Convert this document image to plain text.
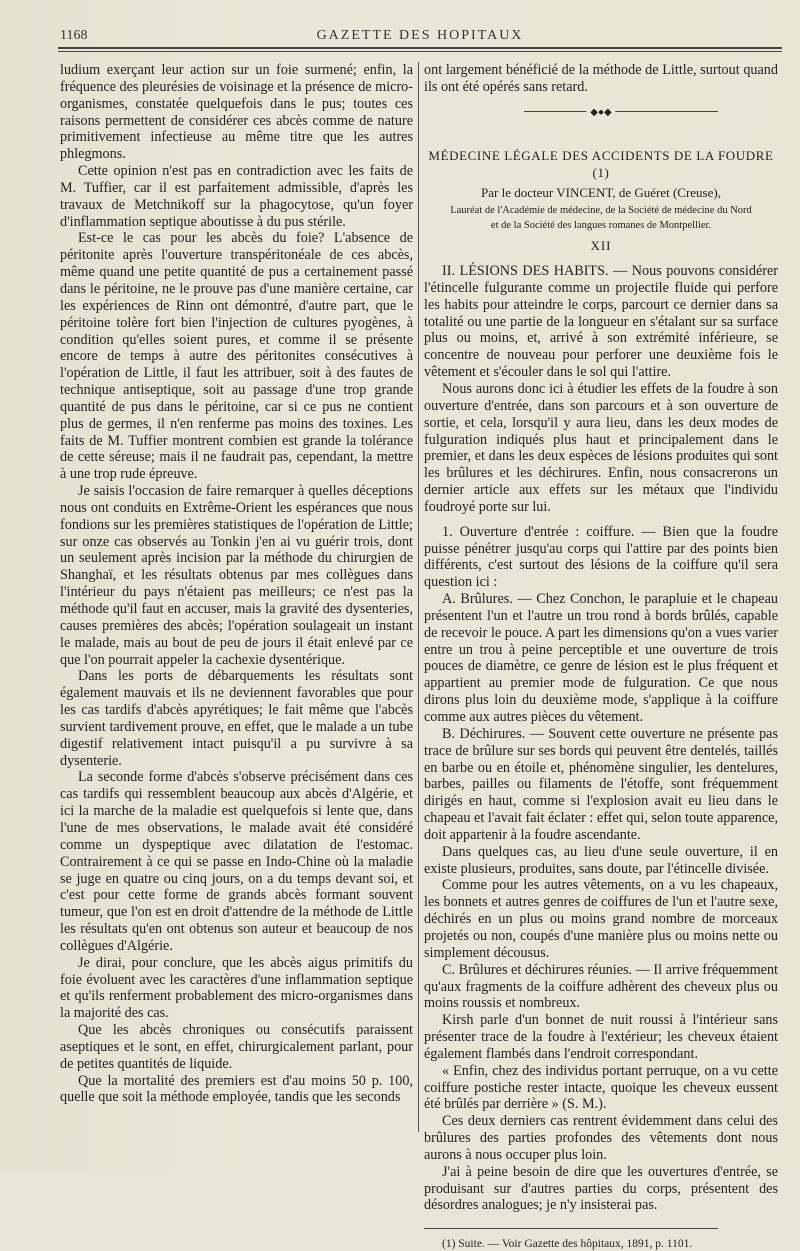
1168	GAZETTE DES HOPITAUX

ludium exerçant leur action sur un foie surmené; enfin, la fréquence des pleurésies de voisinage et la présence de micro-organismes, constatée quelquefois dans le pus; toutes ces raisons permettent de considérer ces abcès comme de nature primitivement infectieuse au même titre que les autres phlegmons.

Cette opinion n'est pas en contradiction avec les faits de M. Tuffier, car il est parfaitement admissible, d'après les travaux de Metchnikoff sur la phagocytose, qu'un foyer d'inflammation septique aboutisse à du pus stérile.

Est-ce le cas pour les abcès du foie? L'absence de péritonite après l'ouverture transpéritonéale de ces abcès, même quand une petite quantité de pus a certainement passé dans le péritoine, ne le prouve pas d'une manière certaine, car les expériences de Rinn ont démontré, d'autre part, que le péritoine tolère fort bien l'injection de cultures pyogènes, à condition qu'elles soient pures, et comme il se présente encore de temps à autre des péritonites consécutives à l'opération de Little, il faut les attribuer, soit à des fautes de technique antiseptique, soit au passage d'une trop grande quantité de pus dans le péritoine, car si ce pus ne contient plus de germes, il n'en renferme pas moins des toxines. Les faits de M. Tuffier montrent combien est grande la tolérance de cette séreuse; mais il ne faudrait pas, cependant, la mettre à une trop rude épreuve.

Je saisis l'occasion de faire remarquer à quelles déceptions nous ont conduits en Extrême-Orient les espérances que nous fondions sur les premières statistiques de l'opération de Little; sur onze cas observés au Tonkin j'en ai vu guérir trois, dont un seulement après incision par la méthode du chirurgien de Shanghaï, et les résultats obtenus par mes collègues dans l'intérieur du pays n'étaient pas meilleurs; ce n'est pas la méthode qu'il faut en accuser, mais la gravité des dysenteries, causes premières des abcès; l'opération soulageait un instant le malade, mais au bout de peu de jours il était enlevé par ce que l'on pourrait appeler la cachexie dysentérique.

Dans les ports de débarquements les résultats sont également mauvais et ils ne deviennent favorables que pour les cas tardifs d'abcès apyrétiques; le fait même que l'abcès survient tardivement prouve, en effet, que le malade a un tube digestif relativement intact puisqu'il a pu survivre à sa dysenterie.

La seconde forme d'abcès s'observe précisément dans ces cas tardifs qui ressemblent beaucoup aux abcès d'Algérie, et ici la marche de la maladie est quelquefois si lente que, dans l'une de mes observations, le malade avait été considéré comme un dyspeptique avec dilatation de l'estomac. Contrairement à ce qui se passe en Indo-Chine où la maladie se juge en quatre ou cinq jours, on a du temps devant soi, et c'est pour cette forme de grands abcès formant souvent tumeur, que l'on est en droit d'attendre de la méthode de Little les résultats qu'en ont obtenus son auteur et beaucoup de nos collègues d'Algérie.

Je dirai, pour conclure, que les abcès aigus primitifs du foie évoluent avec les caractères d'une inflammation septique et qu'ils renferment probablement des micro-organismes dans la majorité des cas.

Que les abcès chroniques ou consécutifs paraissent aseptiques et le sont, en effet, chirurgicalement parlant, pour de petites quantités de liquide.

Que la mortalité des premiers est d'au moins 50 p. 100, quelle que soit la méthode employée, tandis que les seconds

ont largement bénéficié de la méthode de Little, surtout quand ils ont été opérés sans retard.

◆●◆
MÉDECINE LÉGALE DES ACCIDENTS DE LA FOUDRE (1)
Par le docteur VINCENT, de Guéret (Creuse),
Lauréat de l'Académie de médecine, de la Société de médecine du Nord
et de la Société des langues romanes de Montpellier.
XII

II. LÉSIONS DES HABITS. — Nous pouvons considérer l'étincelle fulgurante comme un projectile fluide qui perfore les habits pour atteindre le corps, parcourt ce dernier dans sa totalité ou une partie de la longueur en s'étalant sur sa surface plus ou moins, et, arrivé à son extrémité inférieure, se concentre de nouveau pour perforer une deuxième fois le vêtement et s'écouler dans le sol qui l'attire.

Nous aurons donc ici à étudier les effets de la foudre à son ouverture d'entrée, dans son parcours et à son ouverture de sortie, et cela, lorsqu'il y aura lieu, dans les deux modes de fulguration indiqués plus haut et principalement dans le premier, et dans les deux espèces de lésions produites qui sont les brûlures et les déchirures. Enfin, nous consacrerons un dernier article aux effets sur les métaux que l'individu foudroyé porte sur lui.

1. Ouverture d'entrée : coiffure. — Bien que la foudre puisse pénétrer jusqu'au corps qui l'attire par des points bien différents, c'est surtout des lésions de la coiffure qu'il sera question ici :

A. Brûlures. — Chez Conchon, le parapluie et le chapeau présentent l'un et l'autre un trou rond à bords brûlés, capable de recevoir le pouce. A part les dimensions qu'on a vues varier entre un trou à peine perceptible et une ouverture de trois pouces de diamètre, ce genre de lésion est le plus fréquent et appartient au premier mode de fulguration. Ce que nous dirons plus loin du deuxième mode, s'applique à la coiffure comme aux autres pièces du vêtement.

B. Déchirures. — Souvent cette ouverture ne présente pas trace de brûlure sur ses bords qui peuvent être dentelés, taillés en barbe ou en étoile et, phénomène singulier, les dentelures, barbes, pailles ou filaments de l'étoffe, sont fréquemment dirigés en haut, comme si l'explosion avait eu lieu dans le chapeau et l'avait fait éclater : effet qui, selon toute apparence, doit appartenir à la foudre ascendante.

Dans quelques cas, au lieu d'une seule ouverture, il en existe plusieurs, produites, sans doute, par l'étincelle divisée.

Comme pour les autres vêtements, on a vu les chapeaux, les bonnets et autres genres de coiffures de l'un et l'autre sexe, déchirés en un plus ou moins grand nombre de morceaux projetés ou non, coupés d'une manière plus ou moins nette ou simplement décousus.

C. Brûlures et déchirures réunies. — Il arrive fréquemment qu'aux fragments de la coiffure adhèrent des cheveux plus ou moins roussis et nombreux.

Kirsh parle d'un bonnet de nuit roussi à l'intérieur sans présenter trace de la foudre à l'extérieur; les cheveux étaient également flambés dans l'endroit correspondant.

« Enfin, chez des individus portant perruque, on a vu cette coiffure postiche rester intacte, quoique les cheveux eussent été brûlés par derrière » (S. M.).

Ces deux derniers cas rentrent évidemment dans celui des brûlures des parties profondes des vêtements dont nous aurons à nous occuper plus loin.

J'ai à peine besoin de dire que les ouvertures d'entrée, se produisant sur d'autres parties du corps, présentent des désordres analogues; je n'y insisterai pas.

(1) Suite. — Voir Gazette des hôpitaux, 1891, p. 1101.
